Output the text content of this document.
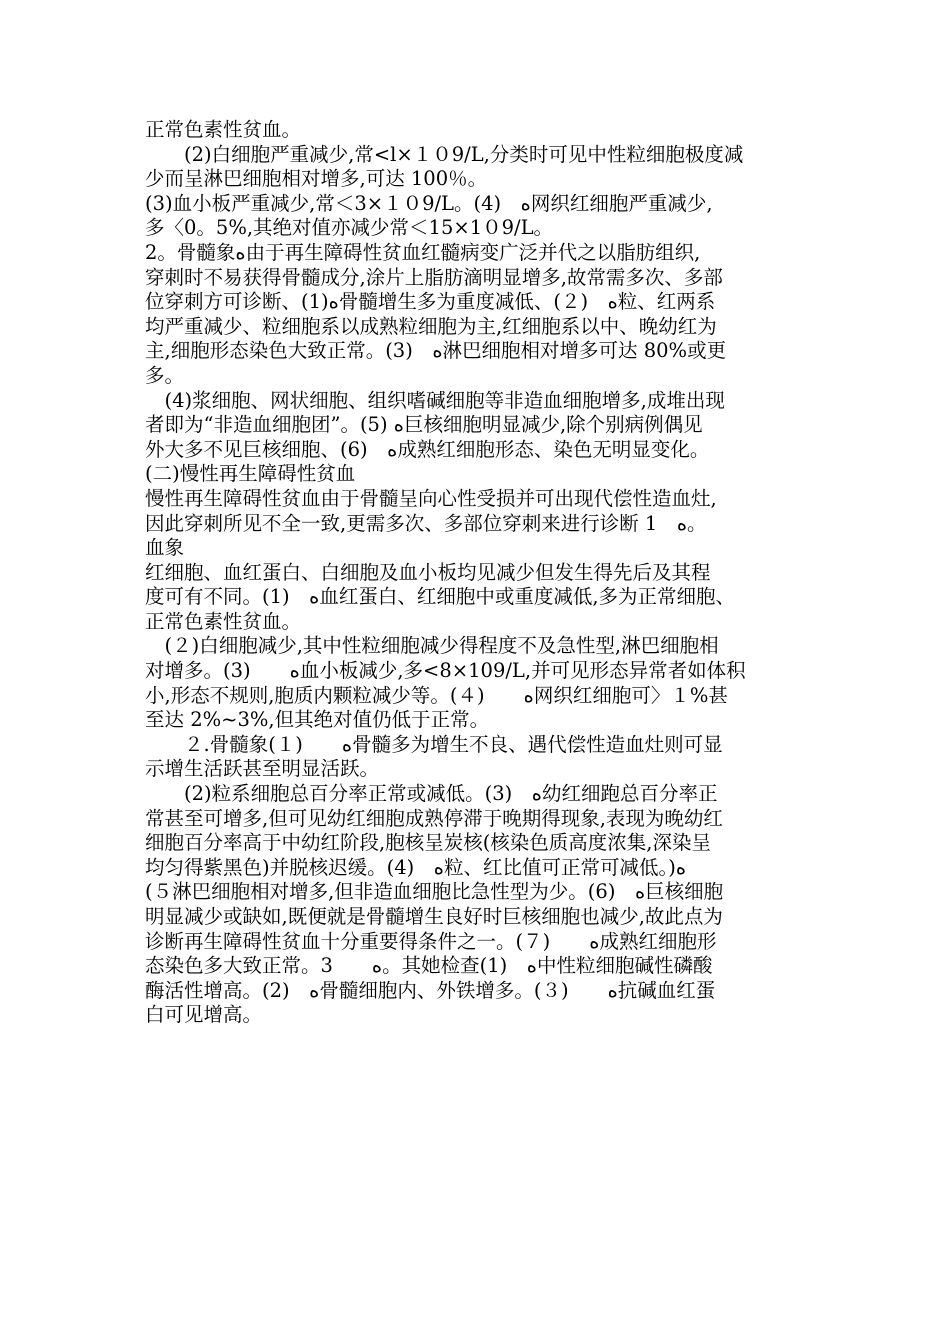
正常色素性贫血。
　　(2)白细胞严重减少,常<l×１０9/L,分类时可见中性粒细胞极度减
少而呈淋巴细胞相对增多,可达 100％。
(3)血小板严重减少,常＜3×１０9/L。(4)　ﻩ网织红细胞严重减少,
多〈0。5%,其绝对值亦减少常＜15×1０9/L。
2。骨髓象ﻩ由于再生障碍性贫血红髓病变广泛并代之以脂肪组织,
穿刺时不易获得骨髓成分,涂片上脂肪滴明显增多,故常需多次、多部
位穿刺方可诊断、(1)ﻩ骨髓增生多为重度减低、(２)　ﻩ粒、红两系
均严重减少、粒细胞系以成熟粒细胞为主,红细胞系以中、晚幼红为
主,细胞形态染色大致正常。(3)　ﻩ淋巴细胞相对增多可达 80%或更
多。
　(4)浆细胞、网状细胞、组织嗜碱细胞等非造血细胞增多,成堆出现
者即为“非造血细胞团”。(5) ﻩ巨核细胞明显减少,除个别病例偶见
外大多不见巨核细胞、(6)　ﻩ成熟红细胞形态、染色无明显变化。
(二)慢性再生障碍性贫血
慢性再生障碍性贫血由于骨髓呈向心性受损并可出现代偿性造血灶,
因此穿刺所见不全一致,更需多次、多部位穿刺来进行诊断 1　ﻩ。
血象
红细胞、血红蛋白、白细胞及血小板均见减少但发生得先后及其程
度可有不同。(1)　ﻩ血红蛋白、红细胞中或重度减低,多为正常细胞、
正常色素性贫血。
　(２)白细胞减少,其中性粒细胞减少得程度不及急性型,淋巴细胞相
对增多。(3)　　ﻩ血小板减少,多<8×109/L,并可见形态异常者如体积
小,形态不规则,胞质内颗粒减少等。(４)　　ﻩ网织红细胞可〉１%甚
至达 2%~3%,但其绝对值仍低于正常。
　　２.骨髓象(１)　　ﻩ骨髓多为增生不良、遇代偿性造血灶则可显
示增生活跃甚至明显活跃。
　　(2)粒系细胞总百分率正常或减低。(3)　ﻩ幼红细跑总百分率正
常甚至可增多,但可见幼红细胞成熟停滞于晚期得现象,表现为晚幼红
细胞百分率高于中幼红阶段,胞核呈炭核(核染色质高度浓集,深染呈
均匀得紫黑色)并脱核迟缓。(4)　ﻩ粒、红比值可正常可减低。)ﻩ
(５淋巴细胞相对增多,但非造血细胞比急性型为少。(6)　ﻩ巨核细胞
明显减少或缺如,既便就是骨髓增生良好时巨核细胞也减少,故此点为
诊断再生障碍性贫血十分重要得条件之一。(７)　　ﻩ成熟红细胞形
态染色多大致正常。3　　ﻩ。其她检查(1)　ﻩ中性粒细胞碱性磷酸
酶活性增高。(2)　ﻩ骨髓细胞内、外铁增多。(３)　　ﻩ抗碱血红蛋
白可见增高。
